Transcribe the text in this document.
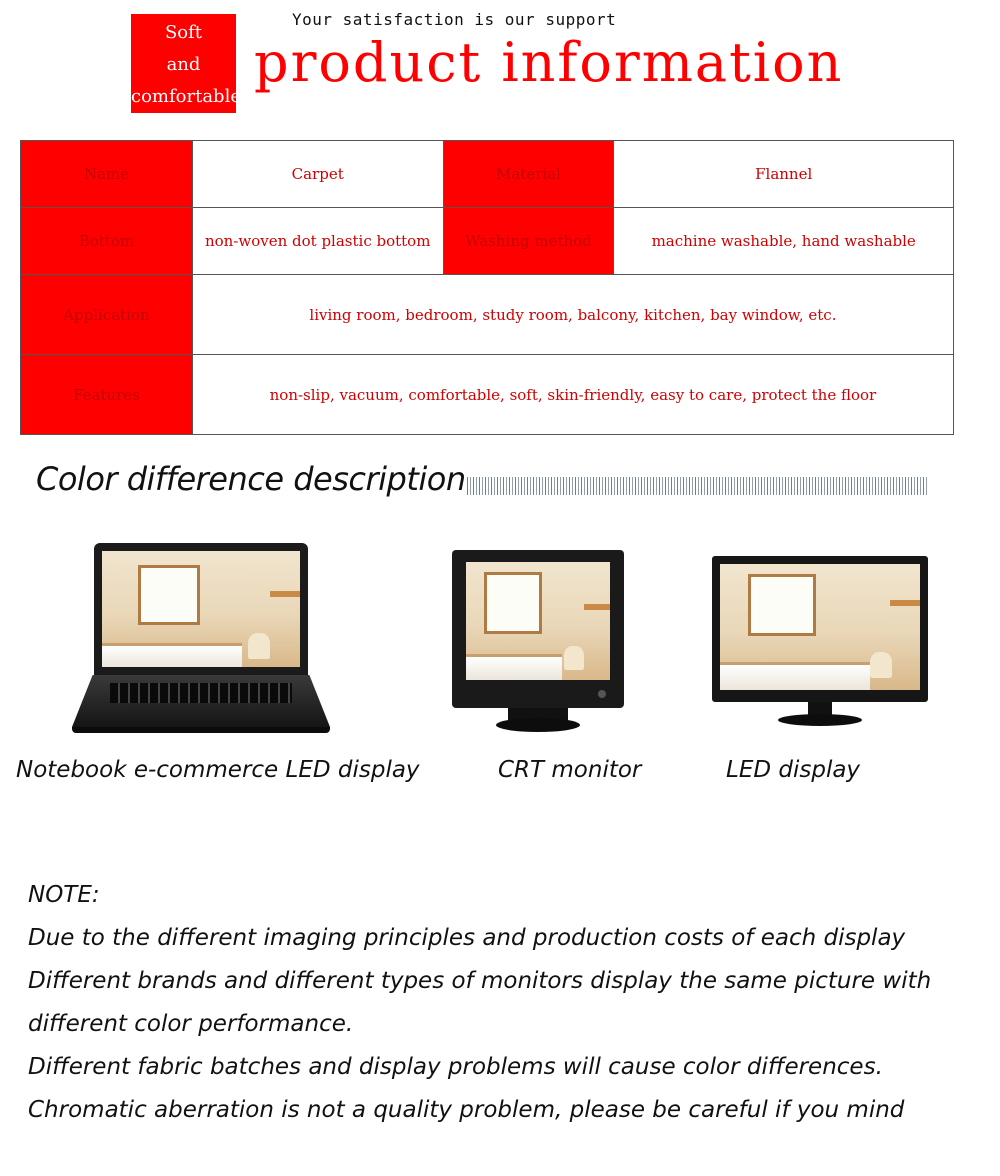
Soft
and
comfortable
Your satisfaction is our support
product information
Name	Carpet	Material	Flannel
Bottom	non-woven dot plastic bottom	Washing method	machine washable, hand washable
Application	living room, bedroom, study room, balcony, kitchen, bay window, etc.		
Features	non-slip, vacuum, comfortable, soft, skin-friendly, easy to care, protect the floor		
Color difference description
Notebook e-commerce LED display	CRT monitor	LED display
NOTE:
Due to the different imaging principles and production costs of each display
Different brands and different types of monitors display the same picture with
different color performance.
Different fabric batches and display problems will cause color differences.
Chromatic aberration is not a quality problem, please be careful if you mind
